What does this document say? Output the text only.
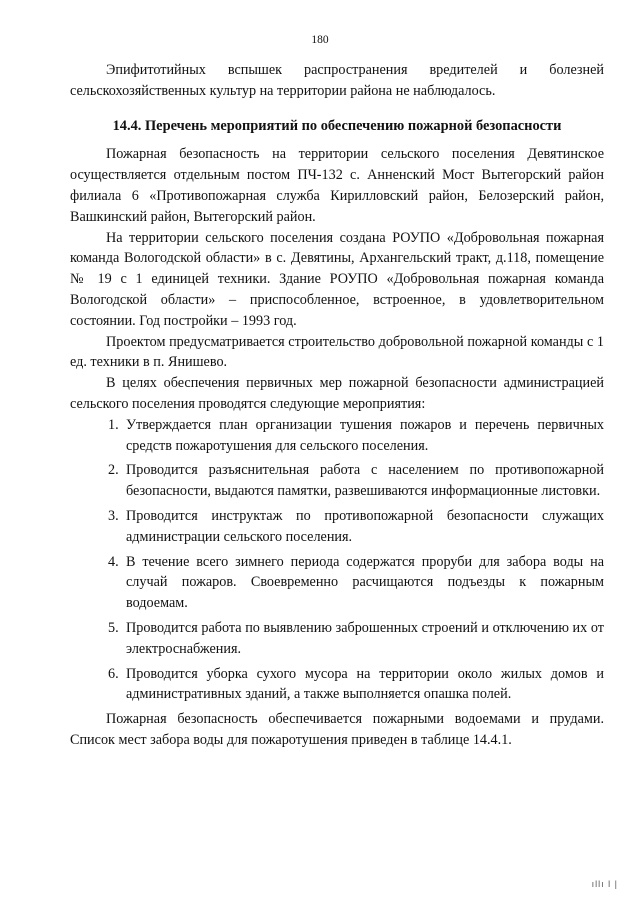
180

Эпифитотийных вспышек распространения вредителей и болезней сельскохозяйственных культур на территории района не наблюдалось.

14.4. Перечень мероприятий по обеспечению пожарной безопасности

Пожарная безопасность на территории сельского поселения Девятинское осуществляется отдельным постом ПЧ-132 с. Анненский Мост Вытегорский район филиала 6 «Противопожарная служба Кирилловский район, Белозерский район, Вашкинский район, Вытегорский район.

На территории сельского поселения создана РОУПО «Добровольная пожарная команда Вологодской области» в с. Девятины, Архангельский тракт, д.118, помещение № 19 с 1 единицей техники. Здание РОУПО «Добровольная пожарная команда Вологодской области» – приспособленное, встроенное, в удовлетворительном состоянии. Год постройки – 1993 год.

Проектом предусматривается строительство добровольной пожарной команды с 1 ед. техники в п. Янишево.

В целях обеспечения первичных мер пожарной безопасности администрацией сельского поселения проводятся следующие мероприятия:

1. Утверждается план организации тушения пожаров и перечень первичных средств пожаротушения для сельского поселения.
2. Проводится разъяснительная работа с населением по противопожарной безопасности, выдаются памятки, развешиваются информационные листовки.
3. Проводится инструктаж по противопожарной безопасности служащих администрации сельского поселения.
4. В течение всего зимнего периода содержатся проруби для забора воды на случай пожаров. Своевременно расчищаются подъезды к пожарным водоемам.
5. Проводится работа по выявлению заброшенных строений и отключению их от электроснабжения.
6. Проводится уборка сухого мусора на территории около жилых домов и административных зданий, а также выполняется опашка полей.

Пожарная безопасность обеспечивается пожарными водоемами и прудами. Список мест забора воды для пожаротушения приведен в таблице 14.4.1.

ıllı l |
